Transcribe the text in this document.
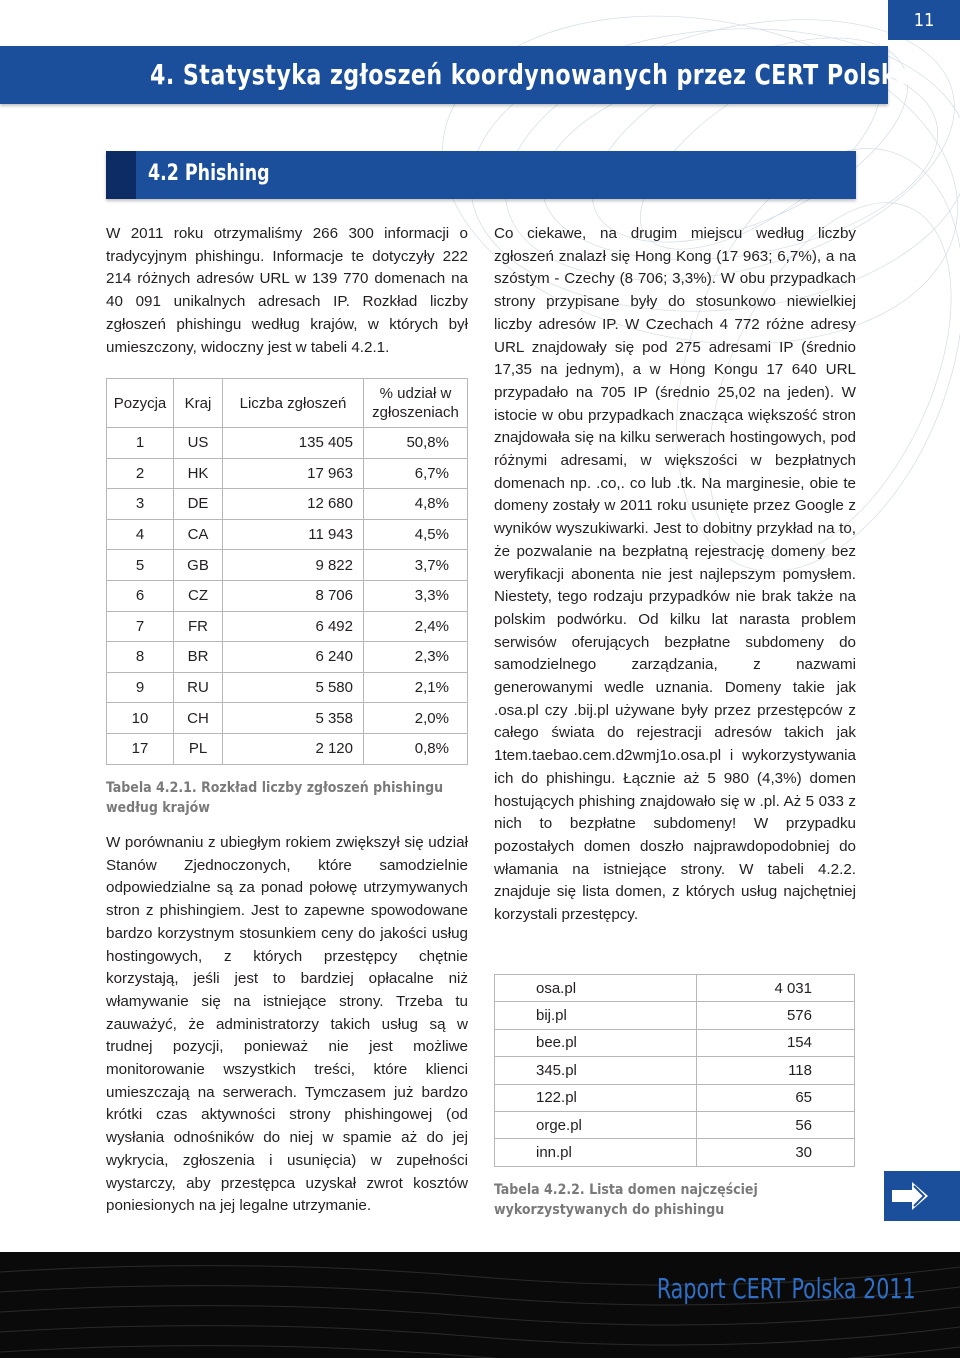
11
4. Statystyka zgłoszeń koordynowanych przez CERT Polska
4.2 Phishing

W 2011 roku otrzymaliśmy 266 300 informacji o tradycyjnym phishingu. Informacje te dotyczyły 222 214 różnych adresów URL w 139 770 domenach na 40 091 unikalnych adresach IP. Rozkład liczby zgłoszeń phishingu według krajów, w których był umieszczony, widoczny jest w tabeli 4.2.1.

Pozycja	Kraj	Liczba zgłoszeń	% udział w zgłoszeniach
1	US	135 405	50,8%
2	HK	17 963	6,7%
3	DE	12 680	4,8%
4	CA	11 943	4,5%
5	GB	9 822	3,7%
6	CZ	8 706	3,3%
7	FR	6 492	2,4%
8	BR	6 240	2,3%
9	RU	5 580	2,1%
10	CH	5 358	2,0%
17	PL	2 120	0,8%
Tabela 4.2.1. Rozkład liczby zgłoszeń phishingu według krajów

W porównaniu z ubiegłym rokiem zwiększył się udział Stanów Zjednoczonych, które samodzielnie odpowiedzialne są za ponad połowę utrzymywanych stron z phishingiem. Jest to zapewne spowodowane bardzo korzystnym stosunkiem ceny do jakości usług hostingowych, z których przestępcy chętnie korzystają, jeśli jest to bardziej opłacalne niż włamywanie się na istniejące strony. Trzeba tu zauważyć, że administratorzy takich usług są w trudnej pozycji, ponieważ nie jest możliwe monitorowanie wszystkich treści, które klienci umieszczają na serwerach. Tymczasem już bardzo krótki czas aktywności strony phishingowej (od wysłania odnośników do niej w spamie aż do jej wykrycia, zgłoszenia i usunięcia) w zupełności wystarczy, aby przestępca uzyskał zwrot kosztów poniesionych na jej legalne utrzymanie.

Co ciekawe, na drugim miejscu według liczby zgłoszeń znalazł się Hong Kong (17 963; 6,7%), a na szóstym - Czechy (8 706; 3,3%). W obu przypadkach strony przypisane były do stosunkowo niewielkiej liczby adresów IP. W Czechach 4 772 różne adresy URL znajdowały się pod 275 adresami IP (średnio 17,35 na jednym), a w Hong Kongu 17 640 URL przypadało na 705 IP (średnio 25,02 na jeden). W istocie w obu przypadkach znacząca większość stron znajdowała się na kilku serwerach hostingowych, pod różnymi adresami, w większości w bezpłatnych domenach np. .co,. co lub .tk. Na marginesie, obie te domeny zostały w 2011 roku usunięte przez Google z wyników wyszukiwarki. Jest to dobitny przykład na to, że pozwalanie na bezpłatną rejestrację domeny bez weryfikacji abonenta nie jest najlepszym pomysłem. Niestety, tego rodzaju przypadków nie brak także na polskim podwórku. Od kilku lat narasta problem serwisów oferujących bezpłatne subdomeny do samodzielnego zarządzania, z nazwami generowanymi wedle uznania. Domeny takie jak .osa.pl czy .bij.pl używane były przez przestępców z całego świata do rejestracji adresów takich jak 1tem.taebao.cem.d2wmj1o.osa.pl i wykorzystywania ich do phishingu. Łącznie aż 5 980 (4,3%) domen hostujących phishing znajdowało się w .pl. Aż 5 033 z nich to bezpłatne subdomeny! W przypadku pozostałych domen doszło najprawdopodobniej do włamania na istniejące strony. W tabeli 4.2.2. znajduje się lista domen, z których usług najchętniej korzystali przestępcy.

osa.pl	4 031
bij.pl	576
bee.pl	154
345.pl	118
122.pl	65
orge.pl	56
inn.pl	30
Tabela 4.2.2. Lista domen najczęściej wykorzystywanych do phishingu
Raport CERT Polska 2011
